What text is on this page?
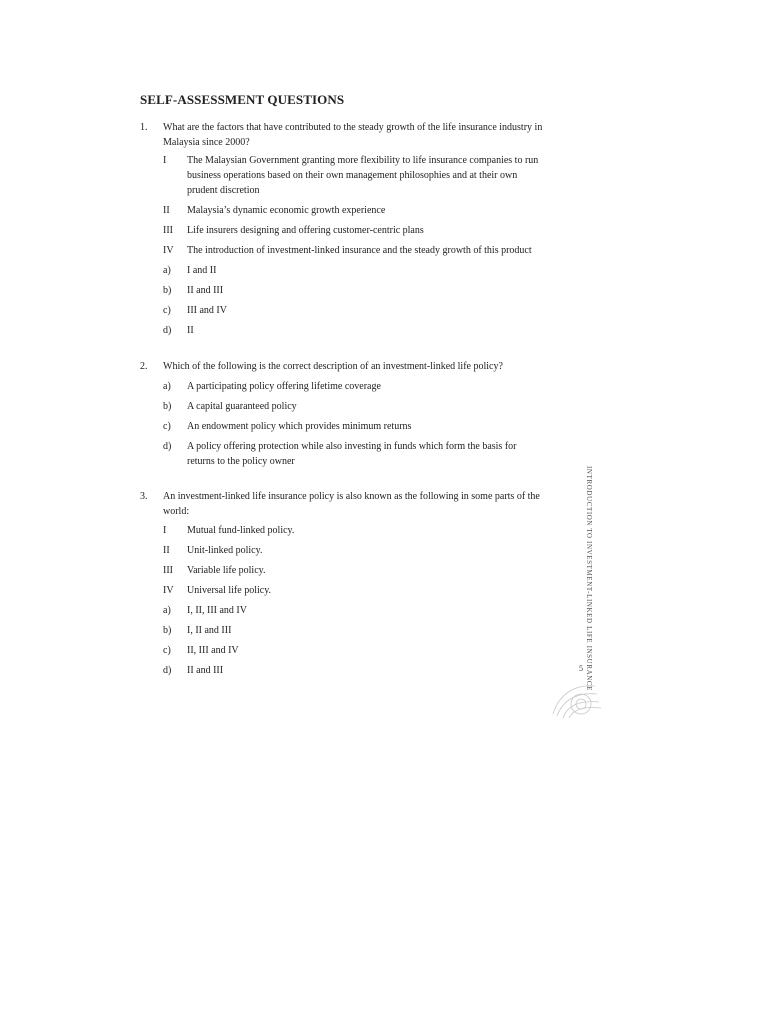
SELF-ASSESSMENT QUESTIONS
1. What are the factors that have contributed to the steady growth of the life insurance industry in Malaysia since 2000?
I	The Malaysian Government granting more flexibility to life insurance companies to run business operations based on their own management philosophies and at their own prudent discretion
II	Malaysia’s dynamic economic growth experience
III	Life insurers designing and offering customer-centric plans
IV	The introduction of investment-linked insurance and the steady growth of this product
a)	I and II
b)	II and III
c)	III and IV
d)	II
2. Which of the following is the correct description of an investment-linked life policy?
a)	A participating policy offering lifetime coverage
b)	A capital guaranteed policy
c)	An endowment policy which provides minimum returns
d)	A policy offering protection while also investing in funds which form the basis for returns to the policy owner
3. An investment-linked life insurance policy is also known as the following in some parts of the world:
I	Mutual fund-linked policy.
II	Unit-linked policy.
III	Variable life policy.
IV	Universal life policy.
a)	I, II, III and IV
b)	I, II and III
c)	II, III and IV
d)	II and III	INTRODUCTION TO INVESTMENT-LINKED LIFE INSURANCE
5
